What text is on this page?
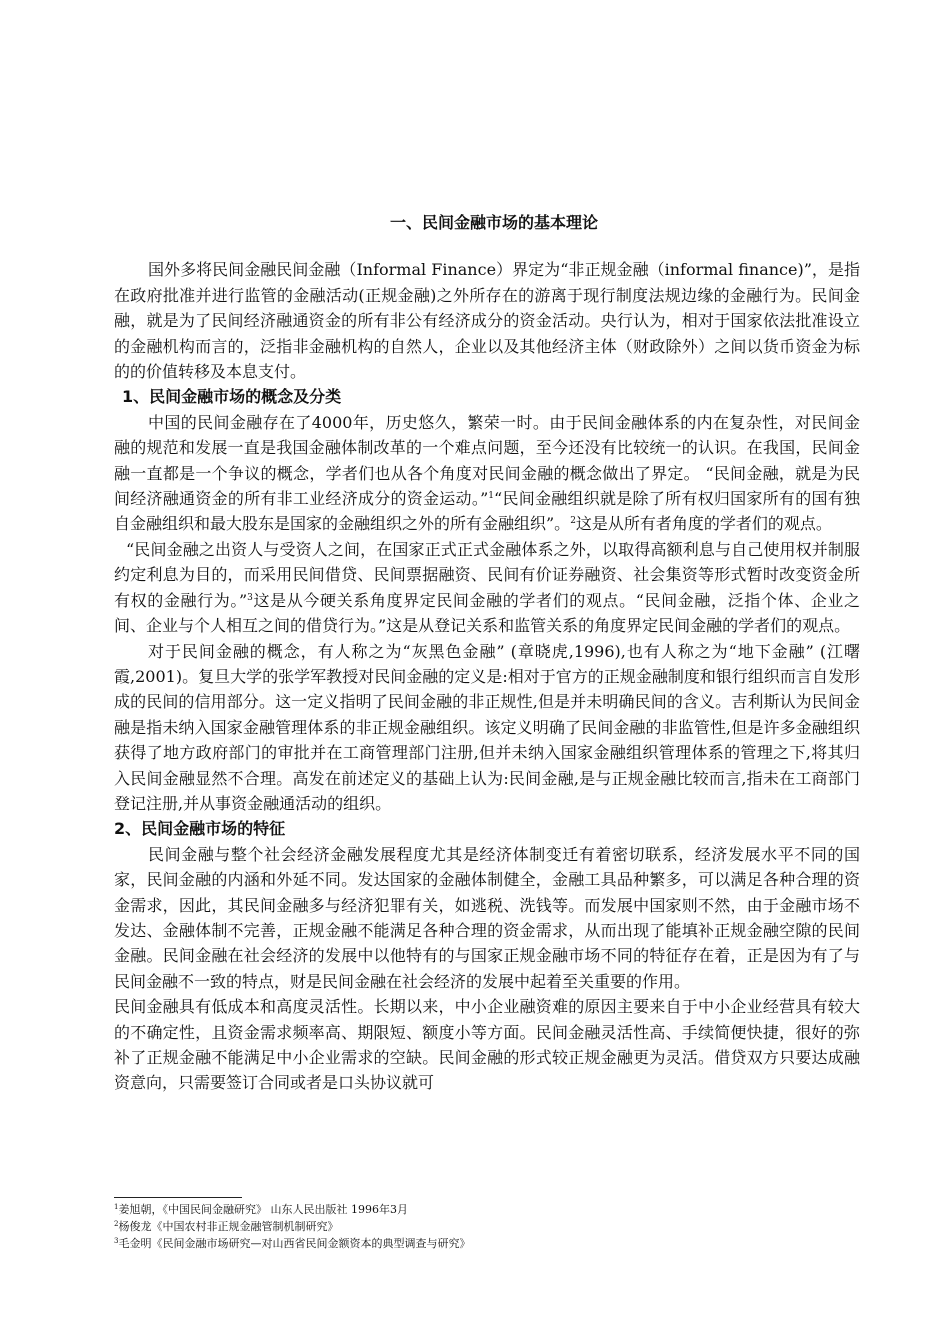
一、民间金融市场的基本理论

国外多将民间金融民间金融（Informal Finance）界定为“非正规金融（informal finance)”，是指在政府批准并进行监管的金融活动(正规金融)之外所存在的游离于现行制度法规边缘的金融行为。民间金融，就是为了民间经济融通资金的所有非公有经济成分的资金活动。央行认为，相对于国家依法批准设立的金融机构而言的，泛指非金融机构的自然人，企业以及其他经济主体（财政除外）之间以货币资金为标的的价值转移及本息支付。

1、民间金融市场的概念及分类

中国的民间金融存在了4000年，历史悠久，繁荣一时。由于民间金融体系的内在复杂性，对民间金融的规范和发展一直是我国金融体制改革的一个难点问题，至今还没有比较统一的认识。在我国，民间金融一直都是一个争议的概念，学者们也从各个角度对民间金融的概念做出了界定。 “民间金融，就是为民间经济融通资金的所有非工业经济成分的资金运动。”$^1$“民间金融组织就是除了所有权归国家所有的国有独自金融组织和最大股东是国家的金融组织之外的所有金融组织”。$^2$这是从所有者角度的学者们的观点。

“民间金融之出资人与受资人之间，在国家正式正式金融体系之外，以取得高额利息与自己使用权并制服约定利息为目的，而采用民间借贷、民间票据融资、民间有价证券融资、社会集资等形式暂时改变资金所有权的金融行为。”$^3$这是从今硬关系角度界定民间金融的学者们的观点。“民间金融，泛指个体、企业之间、企业与个人相互之间的借贷行为。”这是从登记关系和监管关系的角度界定民间金融的学者们的观点。

对于民间金融的概念，有人称之为“灰黑色金融” (章晓虎,1996),也有人称之为“地下金融” (江曙霞,2001)。复旦大学的张学军教授对民间金融的定义是:相对于官方的正规金融制度和银行组织而言自发形成的民间的信用部分。这一定义指明了民间金融的非正规性,但是并未明确民间的含义。吉利斯认为民间金融是指未纳入国家金融管理体系的非正规金融组织。该定义明确了民间金融的非监管性,但是许多金融组织获得了地方政府部门的审批并在工商管理部门注册,但并未纳入国家金融组织管理体系的管理之下,将其归入民间金融显然不合理。高发在前述定义的基础上认为:民间金融,是与正规金融比较而言,指未在工商部门登记注册,并从事资金融通活动的组织。

2、民间金融市场的特征

民间金融与整个社会经济金融发展程度尤其是经济体制变迁有着密切联系，经济发展水平不同的国家，民间金融的内涵和外延不同。发达国家的金融体制健全，金融工具品种繁多，可以满足各种合理的资金需求，因此，其民间金融多与经济犯罪有关，如逃税、洗钱等。而发展中国家则不然，由于金融市场不发达、金融体制不完善，正规金融不能满足各种合理的资金需求，从而出现了能填补正规金融空隙的民间金融。民间金融在社会经济的发展中以他特有的与国家正规金融市场不同的特征存在着，正是因为有了与民间金融不一致的特点，财是民间金融在社会经济的发展中起着至关重要的作用。

民间金融具有低成本和高度灵活性。长期以来，中小企业融资难的原因主要来自于中小企业经营具有较大的不确定性，且资金需求频率高、期限短、额度小等方面。民间金融灵活性高、手续简便快捷，很好的弥补了正规金融不能满足中小企业需求的空缺。民间金融的形式较正规金融更为灵活。借贷双方只要达成融资意向，只需要签订合同或者是口头协议就可

$^1$姜旭朝，《中国民间金融研究》 山东人民出版社 1996年3月
$^2$杨俊龙《中国农村非正规金融管制机制研究》
$^3$毛金明《民间金融市场研究—对山西省民间金额资本的典型调查与研究》
